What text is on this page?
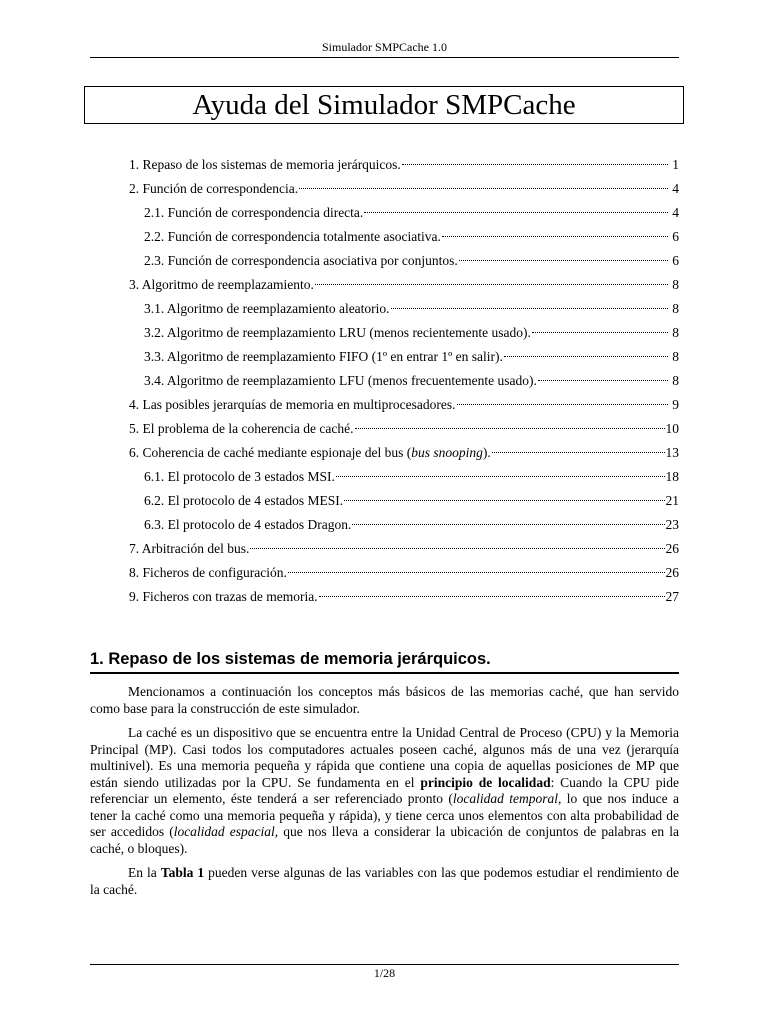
Simulador SMPCache 1.0
Ayuda del Simulador SMPCache
1. Repaso de los sistemas de memoria jerárquicos.	1
2. Función de correspondencia.	4
2.1. Función de correspondencia directa.	4
2.2. Función de correspondencia totalmente asociativa.	6
2.3. Función de correspondencia asociativa por conjuntos.	6
3. Algoritmo de reemplazamiento.	8
3.1. Algoritmo de reemplazamiento aleatorio.	8
3.2. Algoritmo de reemplazamiento LRU (menos recientemente usado).	8
3.3. Algoritmo de reemplazamiento FIFO (1º en entrar 1º en salir).	8
3.4. Algoritmo de reemplazamiento LFU (menos frecuentemente usado).	8
4. Las posibles jerarquías de memoria en multiprocesadores.	9
5. El problema de la coherencia de caché.	10
6. Coherencia de caché mediante espionaje del bus (bus snooping).	13
6.1. El protocolo de 3 estados MSI.	18
6.2. El protocolo de 4 estados MESI.	21
6.3. El protocolo de 4 estados Dragon.	23
7. Arbitración del bus.	26
8. Ficheros de configuración.	26
9. Ficheros con trazas de memoria.	27
1. Repaso de los sistemas de memoria jerárquicos.

Mencionamos a continuación los conceptos más básicos de las memorias caché, que han servido como base para la construcción de este simulador.

La caché es un dispositivo que se encuentra entre la Unidad Central de Proceso (CPU) y la Memoria Principal (MP). Casi todos los computadores actuales poseen caché, algunos más de una vez (jerarquía multinivel). Es una memoria pequeña y rápida que contiene una copia de aquellas posiciones de MP que están siendo utilizadas por la CPU. Se fundamenta en el principio de localidad: Cuando la CPU pide referenciar un elemento, éste tenderá a ser referenciado pronto (localidad temporal, lo que nos induce a tener la caché como una memoria pequeña y rápida), y tiene cerca unos elementos con alta probabilidad de ser accedidos (localidad espacial, que nos lleva a considerar la ubicación de conjuntos de palabras en la caché, o bloques).

En la Tabla 1 pueden verse algunas de las variables con las que podemos estudiar el rendimiento de la caché.

1/28
